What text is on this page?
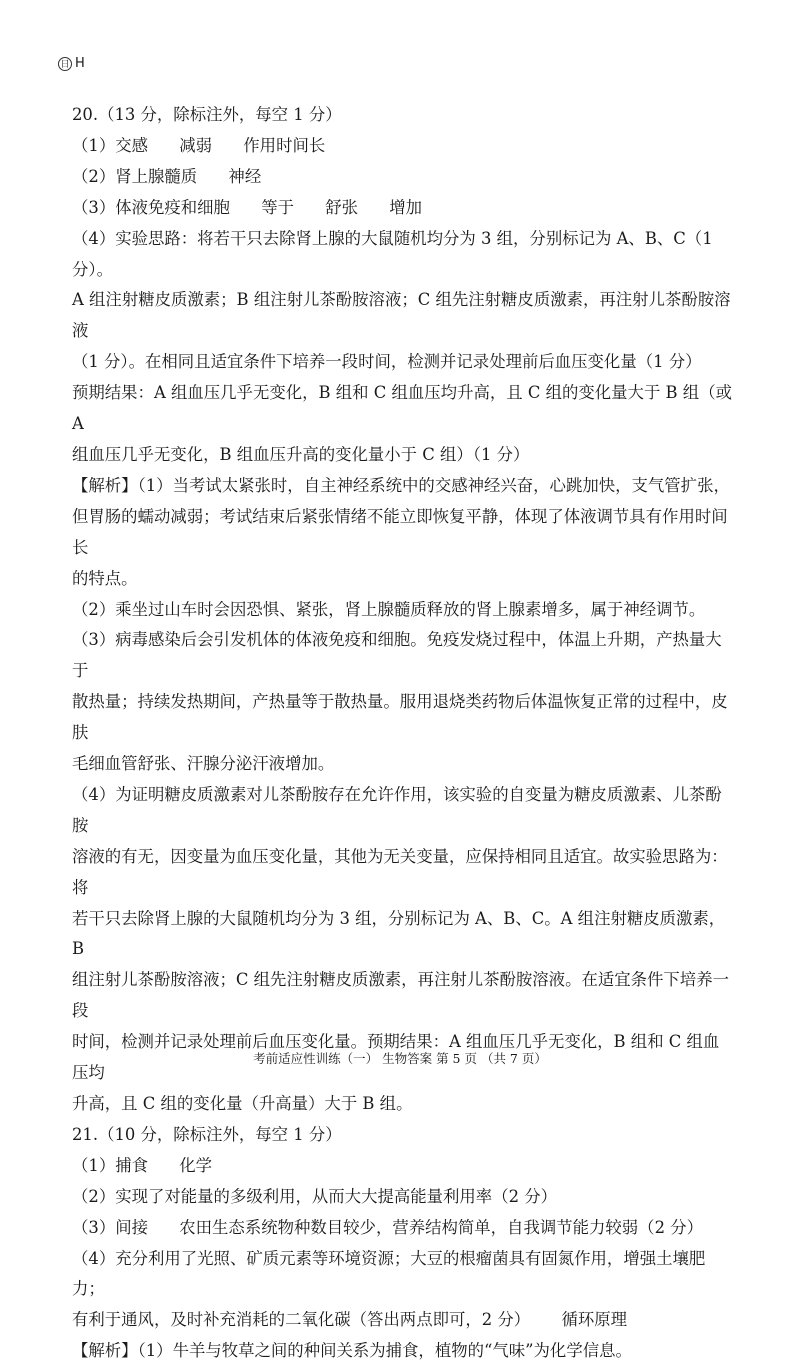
日 H

20.（13 分，除标注外，每空 1 分）

（1）交感      减弱      作用时间长

（2）肾上腺髓质      神经

（3）体液免疫和细胞      等于      舒张      增加

（4）实验思路：将若干只去除肾上腺的大鼠随机均分为 3 组，分别标记为 A、B、C（1 分）。

A 组注射糖皮质激素；B 组注射儿茶酚胺溶液；C 组先注射糖皮质激素，再注射儿茶酚胺溶液

（1 分）。在相同且适宜条件下培养一段时间，检测并记录处理前后血压变化量（1 分）

预期结果：A 组血压几乎无变化，B 组和 C 组血压均升高，且 C 组的变化量大于 B 组（或 A

组血压几乎无变化，B 组血压升高的变化量小于 C 组）（1 分）

【解析】（1）当考试太紧张时，自主神经系统中的交感神经兴奋，心跳加快，支气管扩张，

但胃肠的蠕动减弱；考试结束后紧张情绪不能立即恢复平静，体现了体液调节具有作用时间长

的特点。

（2）乘坐过山车时会因恐惧、紧张，肾上腺髓质释放的肾上腺素增多，属于神经调节。

（3）病毒感染后会引发机体的体液免疫和细胞。免疫发烧过程中，体温上升期，产热量大于

散热量；持续发热期间，产热量等于散热量。服用退烧类药物后体温恢复正常的过程中，皮肤

毛细血管舒张、汗腺分泌汗液增加。

（4）为证明糖皮质激素对儿茶酚胺存在允许作用，该实验的自变量为糖皮质激素、儿茶酚胺

溶液的有无，因变量为血压变化量，其他为无关变量，应保持相同且适宜。故实验思路为：将

若干只去除肾上腺的大鼠随机均分为 3 组，分别标记为 A、B、C。A 组注射糖皮质激素，B

组注射儿茶酚胺溶液；C 组先注射糖皮质激素，再注射儿茶酚胺溶液。在适宜条件下培养一段

时间，检测并记录处理前后血压变化量。预期结果：A 组血压几乎无变化，B 组和 C 组血压均

升高，且 C 组的变化量（升高量）大于 B 组。

21.（10 分，除标注外，每空 1 分）

（1）捕食      化学

（2）实现了对能量的多级利用，从而大大提高能量利用率（2 分）

（3）间接      农田生态系统物种数目较少，营养结构简单，自我调节能力较弱（2 分）

（4）充分利用了光照、矿质元素等环境资源；大豆的根瘤菌具有固氮作用，增强土壤肥力；

有利于通风，及时补充消耗的二氧化碳（答出两点即可，2 分）      循环原理

【解析】（1）牛羊与牧草之间的种间关系为捕食，植物的“气味”为化学信息。

考前适应性训练（一） 生物答案 第 5 页 （共 7 页）
